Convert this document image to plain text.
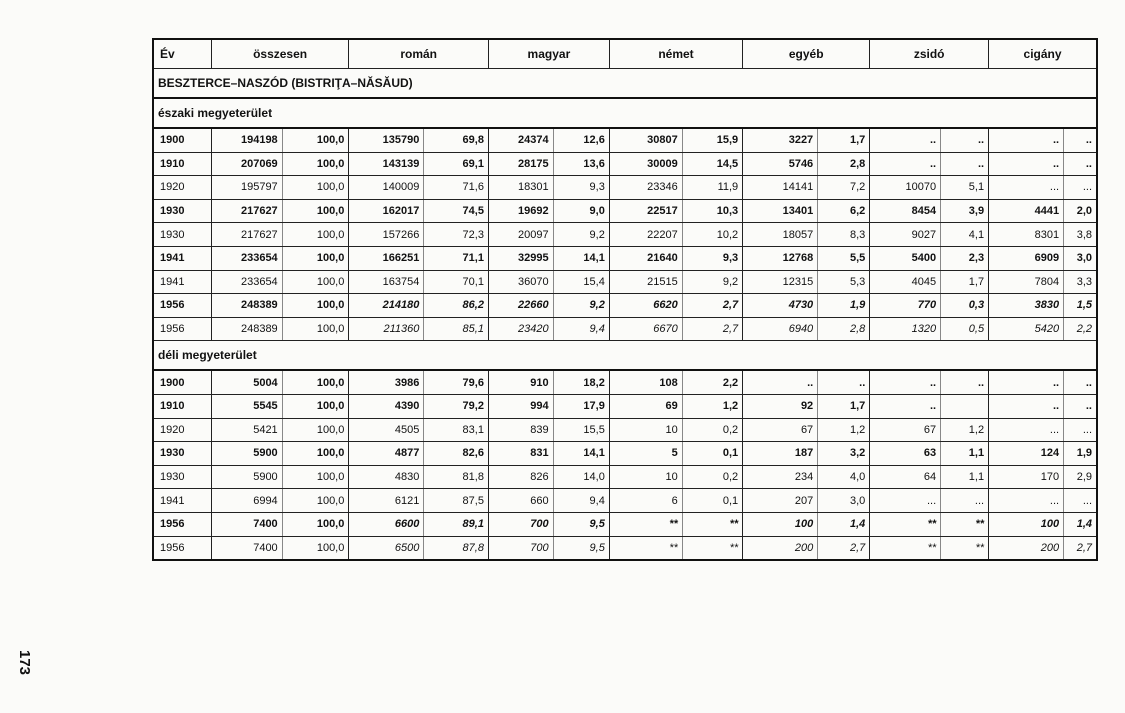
Év	összesen		román		magyar		német		egyéb		zsidó		cigány	
BESZTERCE–NASZÓD (BISTRIŢA–NĂSĂUD)														
északi megyeterület														
1900	194198	100,0	135790	69,8	24374	12,6	30807	15,9	3227	1,7	..	..	..	..
1910	207069	100,0	143139	69,1	28175	13,6	30009	14,5	5746	2,8	..	..	..	..
1920	195797	100,0	140009	71,6	18301	9,3	23346	11,9	14141	7,2	10070	5,1	...	...
1930	217627	100,0	162017	74,5	19692	9,0	22517	10,3	13401	6,2	8454	3,9	4441	2,0
1930	217627	100,0	157266	72,3	20097	9,2	22207	10,2	18057	8,3	9027	4,1	8301	3,8
1941	233654	100,0	166251	71,1	32995	14,1	21640	9,3	12768	5,5	5400	2,3	6909	3,0
1941	233654	100,0	163754	70,1	36070	15,4	21515	9,2	12315	5,3	4045	1,7	7804	3,3
1956	248389	100,0	214180	86,2	22660	9,2	6620	2,7	4730	1,9	770	0,3	3830	1,5
1956	248389	100,0	211360	85,1	23420	9,4	6670	2,7	6940	2,8	1320	0,5	5420	2,2
déli megyeterület														
1900	5004	100,0	3986	79,6	910	18,2	108	2,2	..	..	..	..	..	..
1910	5545	100,0	4390	79,2	994	17,9	69	1,2	92	1,7	..		..	..
1920	5421	100,0	4505	83,1	839	15,5	10	0,2	67	1,2	67	1,2	...	...
1930	5900	100,0	4877	82,6	831	14,1	5	0,1	187	3,2	63	1,1	124	1,9
1930	5900	100,0	4830	81,8	826	14,0	10	0,2	234	4,0	64	1,1	170	2,9
1941	6994	100,0	6121	87,5	660	9,4	6	0,1	207	3,0	...	...	...	...
1956	7400	100,0	6600	89,1	700	9,5	**	**	100	1,4	**	**	100	1,4
1956	7400	100,0	6500	87,8	700	9,5	**	**	200	2,7	**	**	200	2,7
173
